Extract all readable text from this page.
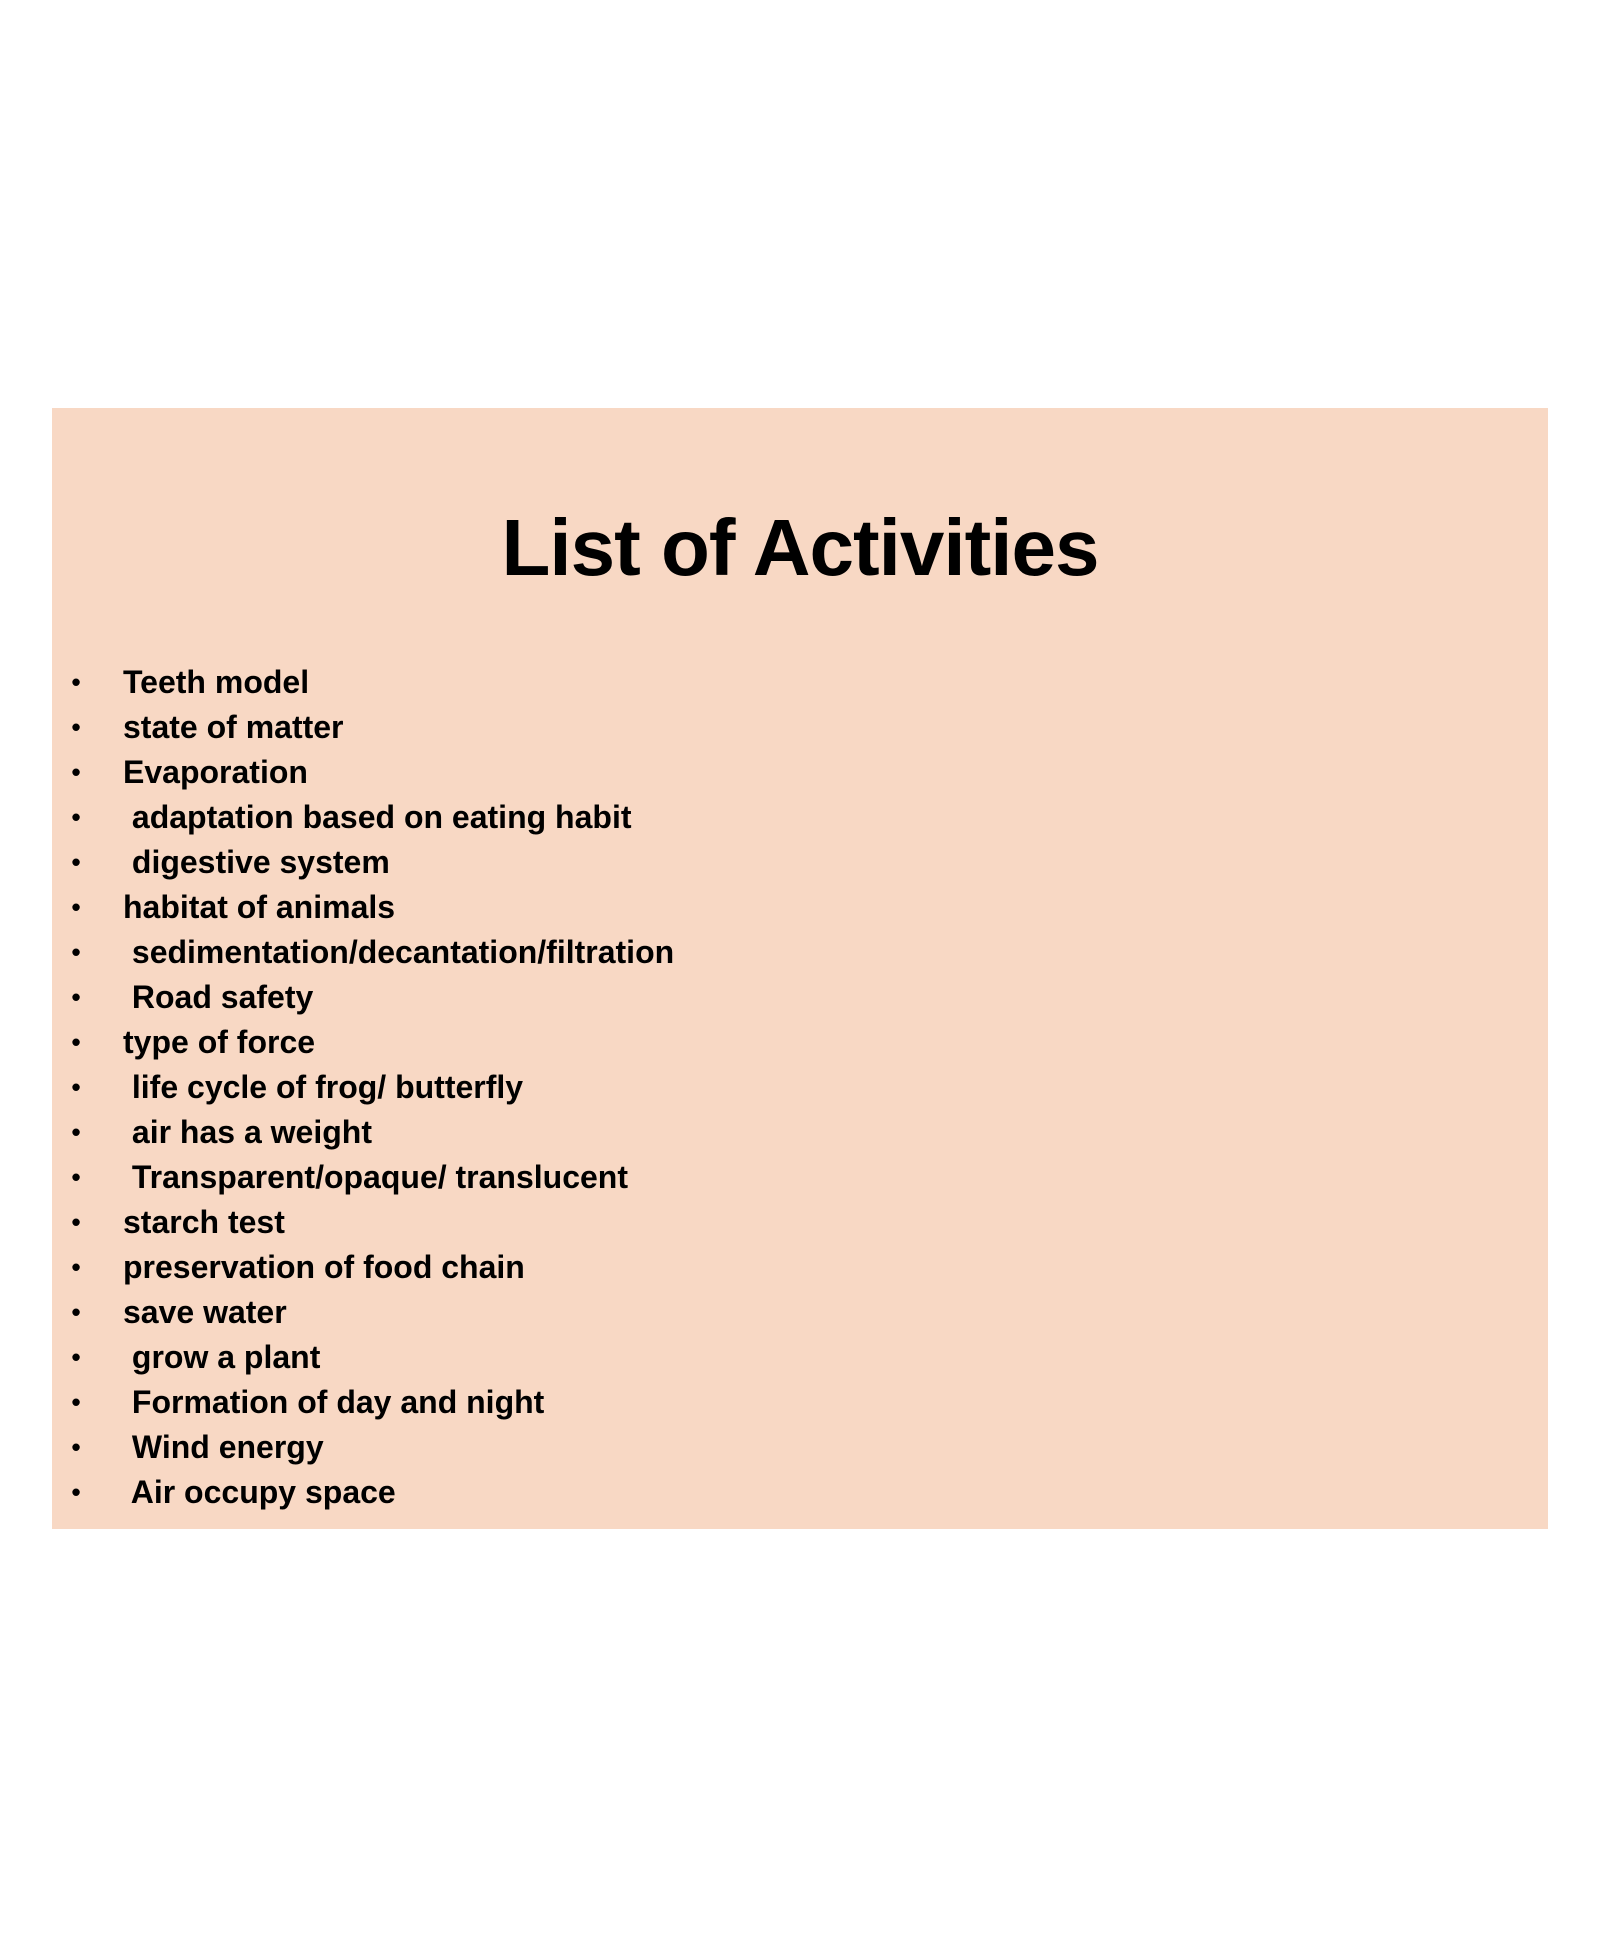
List of Activities
• Teeth model
• state of matter
• Evaporation
• adaptation based on eating habit
• digestive system
• habitat of animals
• sedimentation/decantation/filtration
• Road safety
• type of force
• life cycle of frog/ butterfly
• air has a weight
• Transparent/opaque/ translucent
• starch test
• preservation of food chain
• save water
• grow a plant
• Formation of day and night
• Wind energy
• Air occupy space
